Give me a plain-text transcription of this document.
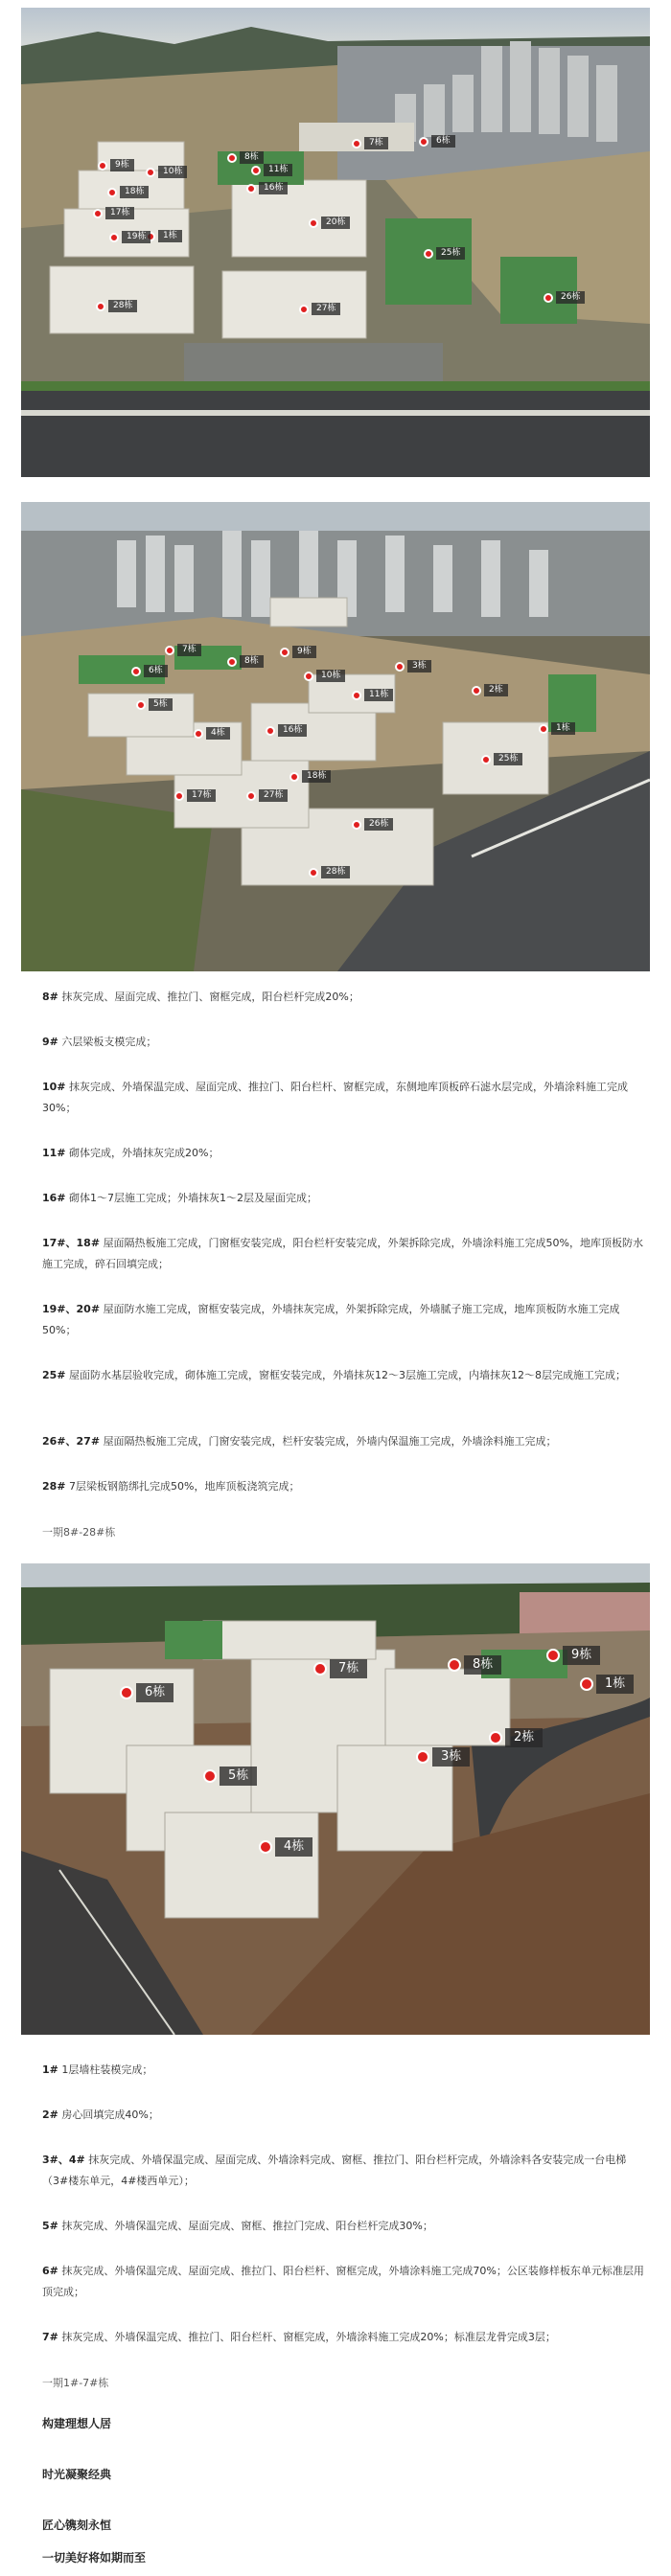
9栋
10栋
8栋
11栋
16栋
1栋
17栋
18栋
20栋
19栋
25栋
27栋
28栋
26栋
7栋	6栋
1栋
2栋
3栋
4栋
5栋
6栋
7栋
8栋
9栋
10栋
11栋
16栋
17栋
18栋
25栋
26栋
27栋
28栋
8# 抹灰完成、屋面完成、推拉门、窗框完成，阳台栏杆完成20%；
9# 六层梁板支模完成；
10# 抹灰完成、外墙保温完成、屋面完成、推拉门、阳台栏杆、窗框完成，东侧地库顶板碎石滤水层完成，外墙涂料施工完成30%；
11# 砌体完成，外墙抹灰完成20%；
16# 砌体1～7层施工完成；外墙抹灰1～2层及屋面完成；
17#、18# 屋面隔热板施工完成，门窗框安装完成，阳台栏杆安装完成，外架拆除完成，外墙涂料施工完成50%，地库顶板防水施工完成，碎石回填完成；
19#、20# 屋面防水施工完成，窗框安装完成，外墙抹灰完成，外架拆除完成，外墙腻子施工完成，地库顶板防水施工完成50%；
25# 屋面防水基层验收完成，砌体施工完成，窗框安装完成，外墙抹灰12～3层施工完成，内墙抹灰12～8层完成施工完成；
26#、27# 屋面隔热板施工完成，门窗安装完成，栏杆安装完成，外墙内保温施工完成，外墙涂料施工完成；
28# 7层梁板钢筋绑扎完成50%，地库顶板浇筑完成；
一期8#-28#栋
6栋
7栋	8栋
9栋
1栋
5栋
3栋
2栋
4栋
1# 1层墙柱装模完成；
2# 房心回填完成40%；
3#、4# 抹灰完成、外墙保温完成、屋面完成、外墙涂料完成、窗框、推拉门、阳台栏杆完成，外墙涂料各安装完成一台电梯（3#楼东单元，4#楼西单元）；
5# 抹灰完成、外墙保温完成、屋面完成、窗框、推拉门完成、阳台栏杆完成30%；
6# 抹灰完成、外墙保温完成、屋面完成、推拉门、阳台栏杆、窗框完成，外墙涂料施工完成70%；公区装修样板东单元标准层用顶完成；
7# 抹灰完成、外墙保温完成、推拉门、阳台栏杆、窗框完成，外墙涂料施工完成20%；标准层龙骨完成3层；
一期1#-7#栋
构建理想人居
时光凝聚经典
匠心镌刻永恒
一切美好将如期而至
